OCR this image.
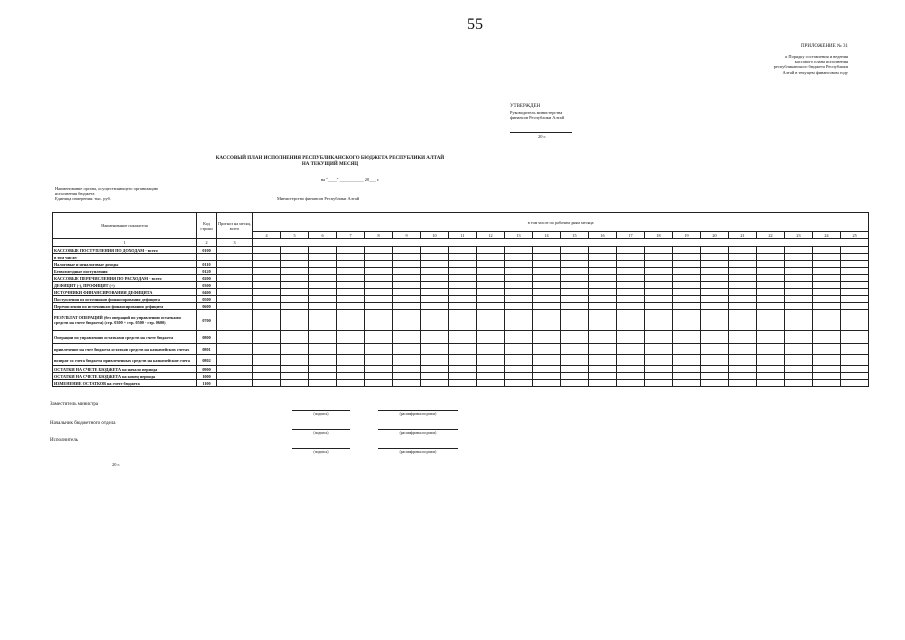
55
ПРИЛОЖЕНИЕ № 31
к Порядку составления и ведения
кассового плана исполнения
республиканского бюджета Республики
Алтай в текущем финансовом году
УТВЕРЖДЕН
Руководитель министерства
финансов Республики Алтай
20 г.
КАССОВЫЙ ПЛАН ИСПОЛНЕНИЯ РЕСПУБЛИКАНСКОГО БЮДЖЕТА РЕСПУБЛИКИ АЛТАЙ
НА ТЕКУЩИЙ МЕСЯЦ
на "____" ___________ 20___ г.
Наименование органа, осуществляющего организацию
исполнения бюджета
Единица измерения: тыс. руб.	Министерство финансов Республики Алтай
Наименование показателя	Код строки	Прогноз на месяц, всего	в том числе по рабочим дням месяца																					
			4	5	6	7	8	9	10	11	12	13	14	15	16	17	18	19	20	21	22	23	24	25
1	2	3																						
КАССОВЫЕ ПОСТУПЛЕНИЯ ПО ДОХОДАМ - всего	0100																							
в том числе:																								
Налоговые и неналоговые доходы	0110																							
Безвозмездные поступления	0120																							
КАССОВЫЕ ПЕРЕЧИСЛЕНИЯ ПО РАСХОДАМ - всего	0200																							
ДЕФИЦИТ (-), ПРОФИЦИТ (+)	0300																							
ИСТОЧНИКИ ФИНАНСИРОВАНИЯ ДЕФИЦИТА	0400																							
Поступления из источников финансирования дефицита	0500																							
Перечисления по источникам финансирования дефицита	0600																							
РЕЗУЛЬТАТ ОПЕРАЦИЙ (без операций по управлению остатками средств на счете бюджета) (стр. 0300 + стр. 0500 - стр. 0600)	0700																							
Операции по управлению остатками средств на счете бюджета	0800																							
привлечение на счет бюджета остатков средств на казначейских счетах	0801																							
возврат со счета бюджета привлеченных средств на казначейские счета	0802																							
ОСТАТКИ НА СЧЕТЕ БЮДЖЕТА на начало периода	0900																							
ОСТАТКИ НА СЧЕТЕ БЮДЖЕТА на конец периода	1000																							
ИЗМЕНЕНИЕ ОСТАТКОВ на счете бюджета	1100																							
Заместитель министра
Начальник бюджетного отдела
Исполнитель
(подпись)	(расшифровка подписи)
(подпись)	(расшифровка подписи)
(подпись)	(расшифровка подписи)
20 г.
